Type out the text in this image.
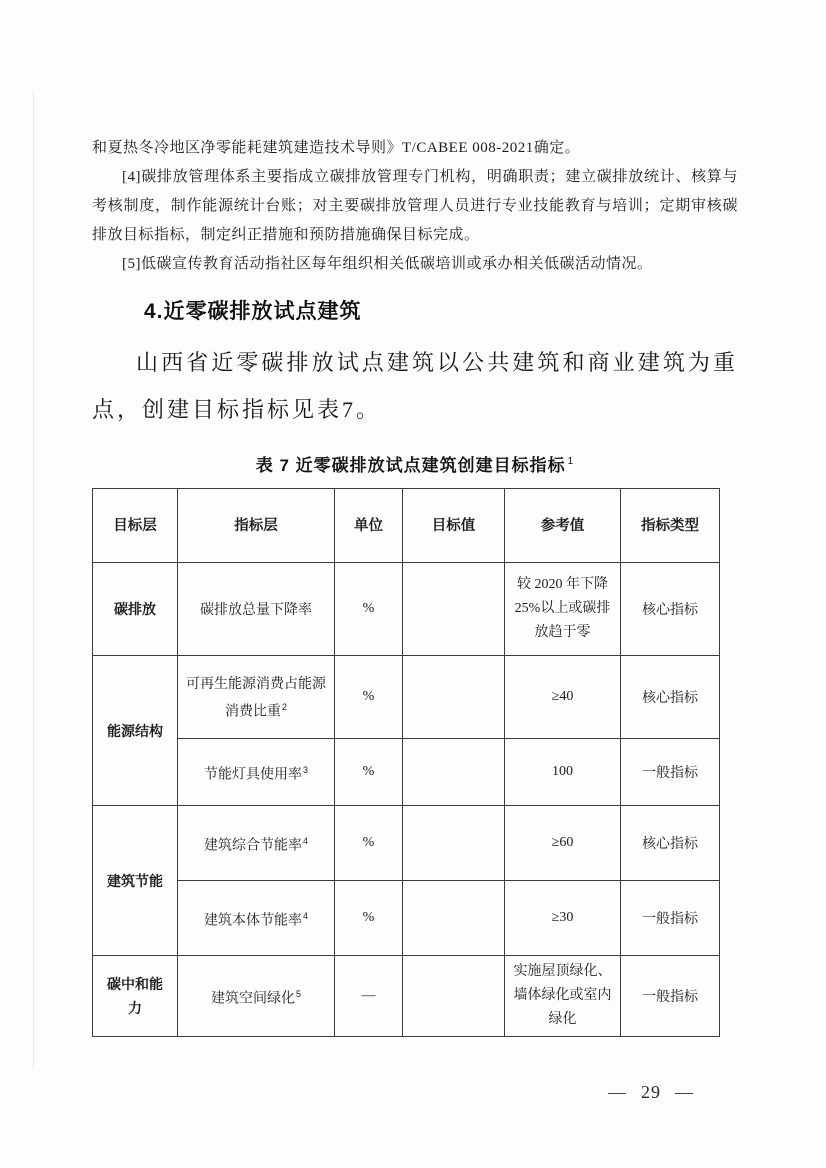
和夏热冬冷地区净零能耗建筑建造技术导则》T/CABEE 008-2021确定。

[4]碳排放管理体系主要指成立碳排放管理专门机构，明确职责；建立碳排放统计、核算与考核制度，制作能源统计台账；对主要碳排放管理人员进行专业技能教育与培训；定期审核碳排放目标指标，制定纠正措施和预防措施确保目标完成。

[5]低碳宣传教育活动指社区每年组织相关低碳培训或承办相关低碳活动情况。

4.近零碳排放试点建筑

山西省近零碳排放试点建筑以公共建筑和商业建筑为重点，创建目标指标见表7。

表 7 近零碳排放试点建筑创建目标指标 $^1$
目标层	指标层	单位	目标值	参考值	指标类型
碳排放	碳排放总量下降率	%		较 2020 年下降25%以上或碳排放趋于零	核心指标
能源结构	可再生能源消费占能源消费比重$^2$	%		≥40	核心指标
	节能灯具使用率$^3$	%		100	一般指标
建筑节能	建筑综合节能率$^4$	%		≥60	核心指标
	建筑本体节能率$^4$	%		≥30	一般指标
碳中和能力	建筑空间绿化$^5$	—		实施屋顶绿化、墙体绿化或室内绿化	一般指标
— 29 —
